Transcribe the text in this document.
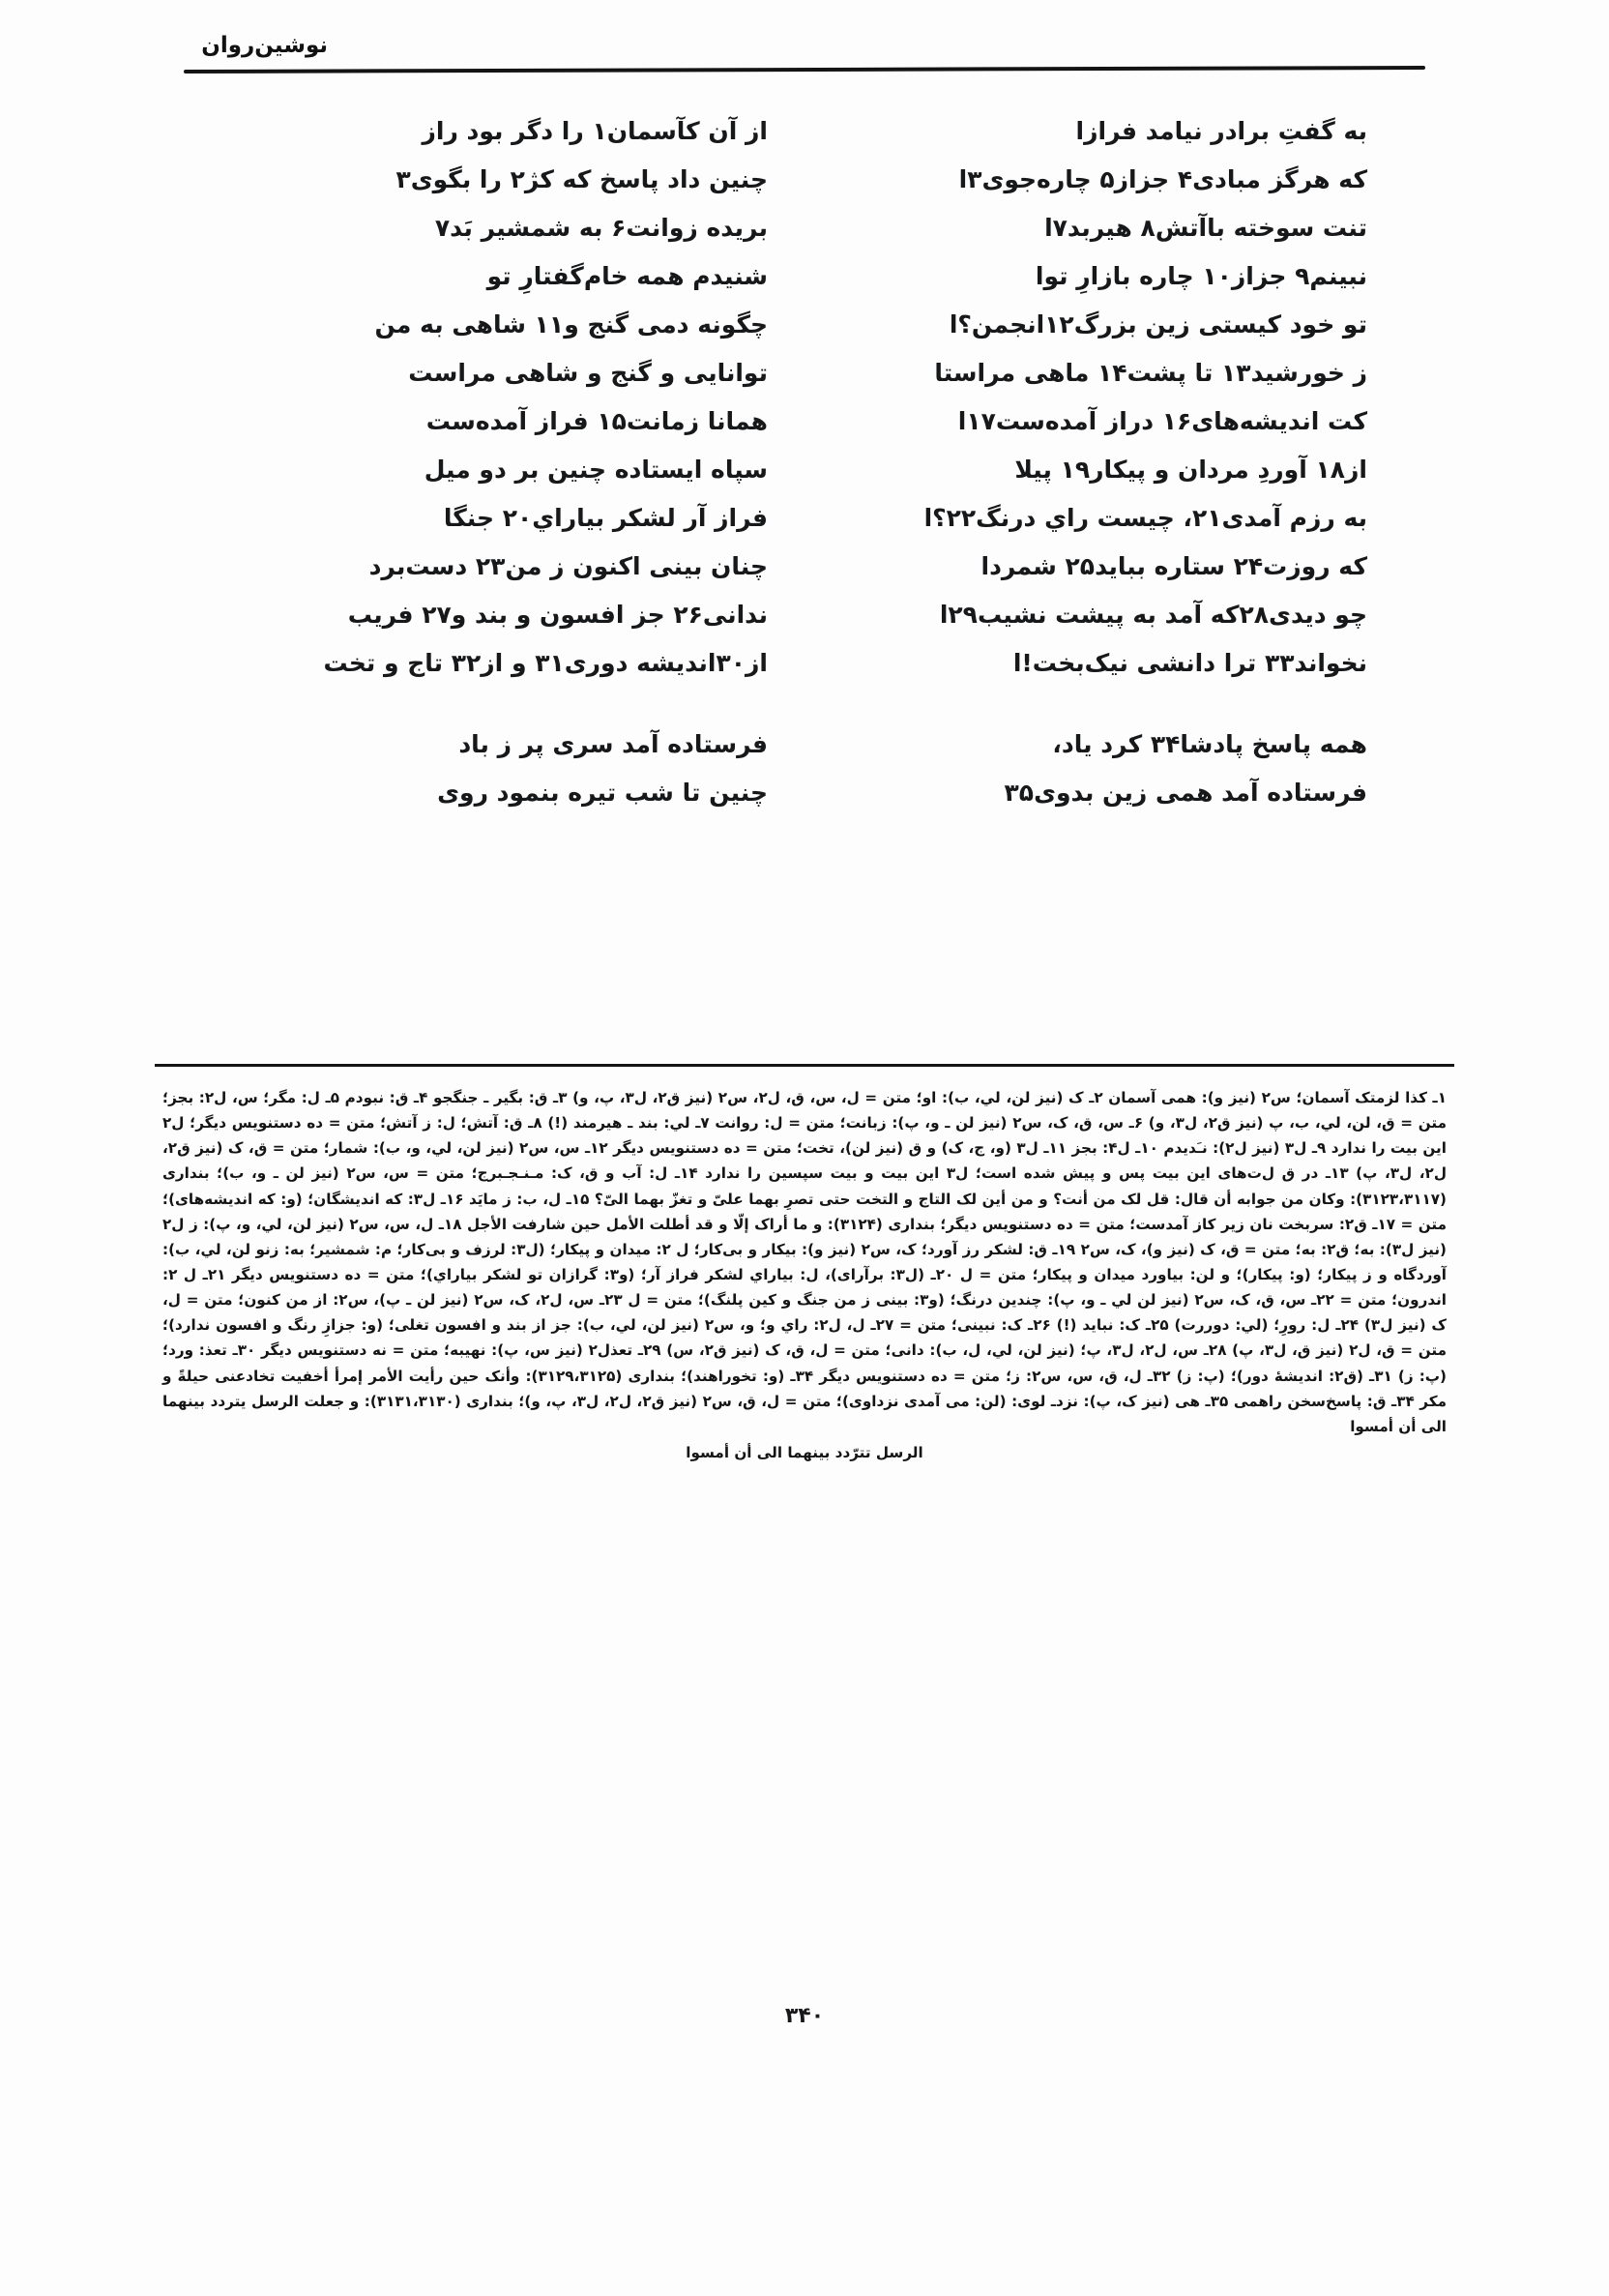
نوشین‌روان
به گفتِ برادر نیامد فرازا
از آن کآسمان۱ را دگر بود راز
که هرگز مبادی۴ جزاز۵ چاره‌جوی۳ا
چنین داد پاسخ که کژ۲ را بگوی۳
تنت سوخته باآتش۸ هیربد۷ا
بریده زوانت۶ به شمشیر بَد۷
نبینم۹ جزاز۱۰ چاره بازارِ توا
شنیدم همه خام‌گفتارِ تو
تو خود کیستی زین بزرگ۱۲انجمن؟ا
چگونه دمی گنج و۱۱ شاهی به من
ز خورشید۱۳ تا پشت۱۴ ماهی مراستا
توانایی و گنج و شاهی مراست
کت اندیشه‌های۱۶ دراز آمده‌ست۱۷ا
همانا زمانت۱۵ فراز آمده‌ست
از۱۸ آوردِ مردان و پیکار۱۹ پیلا
سپاه ایستاده چنین بر دو میل
به رزم آمدی۲۱، چیست راي درنگ۲۲؟ا
فراز آر لشکر بیاراي۲۰ جنگا
که روزت۲۴ ستاره بباید۲۵ شمردا
چنان بینی اکنون ز من۲۳ دست‌برد
چو دیدی۲۸که آمد به پیشت نشیب۲۹ا
ندانی۲۶ جز افسون و بند و۲۷ فریب
نخواند۳۳ ترا دانشی نیک‌بخت!ا
از۳۰اندیشه دوری۳۱ و از۳۲ تاج و تخت
همه پاسخ پادشا۳۴ کرد یاد،
فرستاده آمد سری پر ز باد
فرستاده آمد همی زین بدوی۳۵
چنین تا شب تیره بنمود روی

۱ـ کذا لزمتک آسمان؛ س۲ (نیز و): همی آسمان ۲ـ ک (نیز لن، لي، ب): او؛ متن = ل، س، ق، ل۲، س۲ (نیز ق۲، ل۳، پ، و) ۳ـ ق: بگیر ـ جنگجو ۴ـ ق: نبودم ۵ـ ل: مگر؛ س، ل۲: بجز؛ متن = ق، لن، لي، ب، پ (نیز ق۲، ل۳، و) ۶ـ س، ق، ک، س۲ (نیز لن ـ و، پ): زبانت؛ متن = ل: روانت ۷ـ لي: بند ـ هیرمند (!) ۸ـ ق: آتش؛ ل: ز آتش؛ متن = ده دستنویس دیگر؛ ل۲ این بیت را ندارد ۹ـ ل۳ (نیز ل۲): نـَدیدم ۱۰ـ ل۴: بجز ۱۱ـ ل۳ (و، ج، ک) و ق (نیز لن)، تخت؛ متن = ده دستنویس دیگر ۱۲ـ س، س۲ (نیز لن، لي، و، ب): شمار؛ متن = ق، ک (نیز ق۲، ل۲، ل۳، پ) ۱۳ـ در ق ل‌ت‌های این بیت پس و پیش شده است؛ ل۳ این بیت و بیت سپسین را ندارد ۱۴ـ ل: آب و ق، ک: مـنـجـبرج؛ متن = س، س۲ (نیز لن ـ و، ب)؛ بنداری (۳۱۲۳،۳۱۱۷): وكان من جوابه أن قال: قل لک من أنت؟ و من أین لک التاج و التخت حتى تصرِ بهما علىّ و تغزّ بهما الیّ؟ ۱۵ـ ل، ب: ز مایَد ۱۶ـ ل۳: که اندیشگان؛ (و: که اندیشه‌های)؛ متن = ۱۷ـ ق۲: سربخت نان زیر کاز آمدست؛ متن = ده دستنویس دیگر؛ بنداری (۳۱۲۴): و ما أراک إلّا و قد أطلت الأمل حین شارفت الأجل ۱۸ـ ل، س، س۲ (نیز لن، لي، و، پ): ز ل۲ (نیز ل۳): به؛ ق۲: به؛ متن = ق، ک (نیز و)، ک، س۲ ۱۹ـ ق: لشکر رز آورد؛ ک، س۲ (نیز و): بیکار و بی‌کار؛ ل ۲: میدان و پیکار؛ (ل۳: لرزف و بی‌کار؛ م: شمشیر؛ به: زنو لن، لي، ب): آوردگاه و ز پیکار؛ (و: پیکار)؛ و لن: بیاورد میدان و پیکار؛ متن = ل ۲۰ـ (ل۳: برآرای)، ل: بیاراي لشکر فراز آر؛ (و۳: گرازان تو لشکر بیاراي)؛ متن = ده دستنویس دیگر ۲۱ـ ل ۲: اندرون؛ متن = ۲۲ـ س، ق، ک، س۲ (نیز لن لي ـ و، پ): چندین درنگ؛ (و۳: بینی ز من جنگ و کین پلنگ)؛ متن = ل ۲۳ـ س، ل۲، ک، س۲ (نیز لن ـ پ)، س۲: از من کنون؛ متن = ل، ک (نیز ل۳) ۲۴ـ ل: رورِ؛ (لي: دوررت) ۲۵ـ ک: نباید (!) ۲۶ـ ک: نبینی؛ متن = ۲۷ـ ل، ل۲: راي و؛ و، س۲ (نیز لن، لي، ب): جز از بند و افسون تغلی؛ (و: جزازِ رنگ و افسون ندارد)؛ متن = ق، ل۲ (نیز ق، ل۳، پ) ۲۸ـ س، ل۲، ل۳، پ؛ (نیز لن، لي، ل، ب): دانی؛ متن = ل، ق، ک (نیز ق۲، س) ۲۹ـ تعذل۲ (نیز س، پ): نهیبه؛ متن = نه دستنویس دیگر ۳۰ـ تعذ: ورد؛ (پ: ز) ۳۱ـ (ق۲: اندیشهٔ دور)؛ (پ: ز) ۳۲ـ ل، ق، س، س۲: ز؛ متن = ده دستنویس دیگر ۳۴ـ (و: تخوراهند)؛ بنداری (۳۱۲۹،۳۱۲۵): وأنک حین رأیت الأمر إمرأ أخفیت تخادعنی حیلةً و مکر ۳۴ـ ق: پاسخ‌سخن راهمی ۳۵ـ هی (نیز ک، پ): نزدـ لوی: (لن: می آمدی نزداوی)؛ متن = ل، ق، س۲ (نیز ق۲، ل۲، ل۳، پ، و)؛ بنداری (۳۱۳۱،۳۱۳۰): و جعلت الرسل یتردد بینهما الی أن أمسوا

الرسل تترّدد بینهما الی أن أمسوا

۳۴۰
